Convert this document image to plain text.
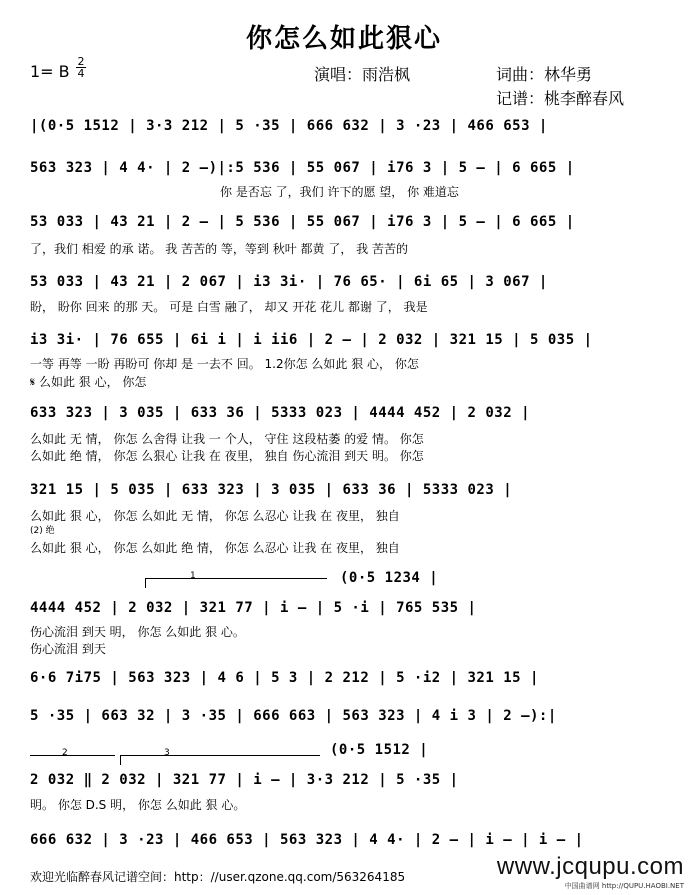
你怎么如此狠心
演唱：雨浩枫	词曲：林华勇
记谱：桃李醉春风
1= B
2
4
|(0·5 1512 | 3·3 212 | 5 ·35 | 666 632 | 3 ·23 | 466 653 |
563 323 | 4 4· | 2 –)|:5 536 | 55 067 | i76 3 | 5 – | 6 665 |
你 是否忘 了，我们 许下的愿 望， 你 难道忘
53 033 | 43 21 | 2 – | 5 536 | 55 067 | i76 3 | 5 – | 6 665 |
了，我们 相爱 的承 诺。 我 苦苦的 等，等到 秋叶 都黄 了， 我 苦苦的
53 033 | 43 21 | 2 067 | i3 3i· | 76 65· | 6i 65 | 3 067 |
盼， 盼你 回来 的那 天。 可是 白雪 融了， 却又 开花 花儿 都谢 了， 我是
i3 3i· | 76 655 | 6i i | i ii6 | 2 – | 2 032 | 321 15 | 5 035 |
一等 再等 一盼 再盼可 你却 是 一去不 回。 1.2你怎 么如此 狠 心， 你怎
𝄋 么如此 狠 心， 你怎
633 323 | 3 035 | 633 36 | 5333 023 | 4444 452 | 2 032 |
么如此 无 情， 你怎 么舍得 让我 一 个人， 守住 这段枯萎 的爱 情。 你怎
么如此 绝 情， 你怎 么狠心 让我 在 夜里， 独自 伤心流泪 到天 明。 你怎
321 15 | 5 035 | 633 323 | 3 035 | 633 36 | 5333 023 |
么如此 狠 心， 你怎 么如此 无 情， 你怎 么忍心 让我 在 夜里， 独自
(2) 绝
么如此 狠 心， 你怎 么如此 绝 情， 你怎 么忍心 让我 在 夜里， 独自
1	(0·5 1234 |
4444 452 | 2 032 | 321 77 | i – | 5 ·i | 765 535 |
伤心流泪 到天 明， 你怎 么如此 狠 心。
伤心流泪 到天
6·6 7i75 | 563 323 | 4 6 | 5 3 | 2 212 | 5 ·i2 | 321 15 |
5 ·35 | 663 32 | 3 ·35 | 666 663 | 563 323 | 4 i 3 | 2 –):|
2	3	(0·5 1512 |
2 032 ‖ 2 032 | 321 77 | i – | 3·3 212 | 5 ·35 |
明。 你怎 D.S 明， 你怎 么如此 狠 心。
666 632 | 3 ·23 | 466 653 | 563 323 | 4 4· | 2 – | i – | i – |
欢迎光临醉春风记谱空间：http：//user.qzone.qq.com/563264185	www.jcqupu.com
中国曲谱网 http://QUPU.HAOBI.NET
